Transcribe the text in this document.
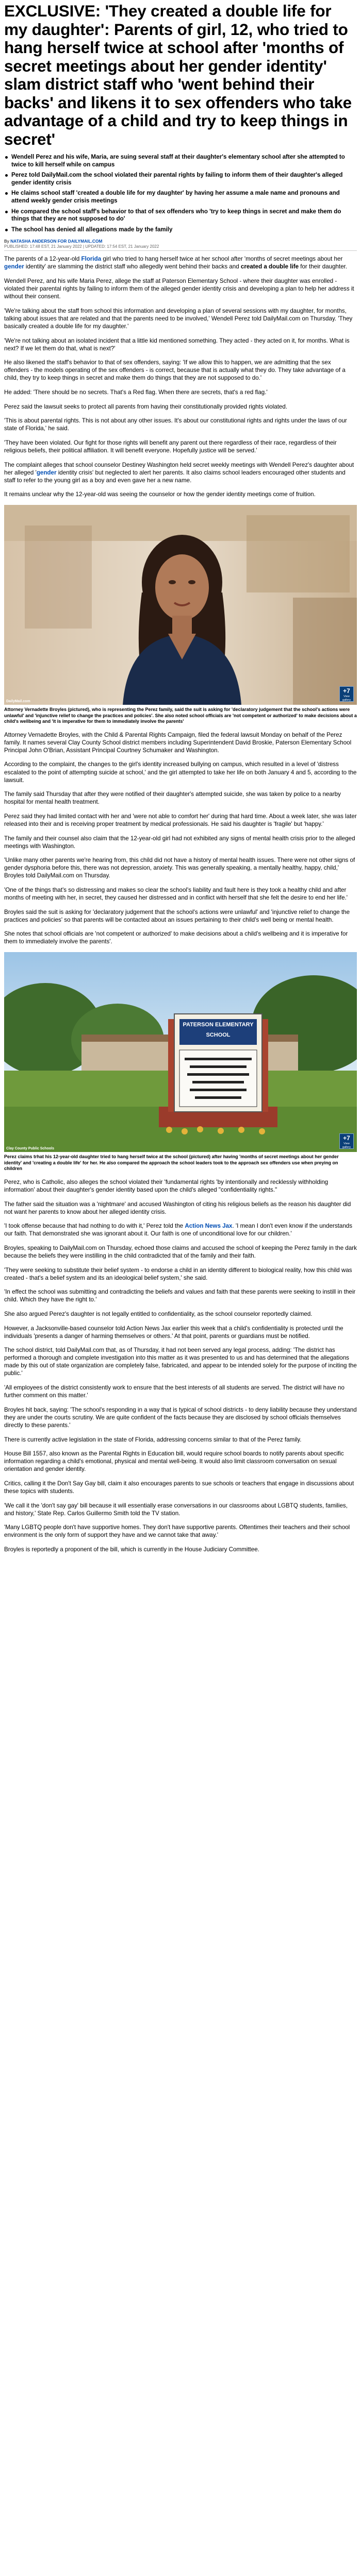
EXCLUSIVE: 'They created a double life for my daughter': Parents of girl, 12, who tried to hang herself twice at school after 'months of secret meetings about her gender identity' slam district staff who 'went behind their backs' and likens it to sex offenders who take advantage of a child and try to keep things in secret'
Wendell Perez and his wife, Maria, are suing several staff at their daughter's elementary school after she attempted to twice to kill herself while on campus
Perez told DailyMail.com the school violated their parental rights by failing to inform them of their daughter's alleged gender identity crisis
He claims school staff 'created a double life for my daughter' by having her assume a male name and pronouns and attend weekly gender crisis meetings
He compared the school staff's behavior to that of sex offenders who 'try to keep things in secret and make them do things that they are not supposed to do'
The school has denied all allegations made by the family
By NATASHA ANDERSON FOR DAILYMAIL.COM
PUBLISHED: 17:48 EST, 21 January 2022 | UPDATED: 17:54 EST, 21 January 2022

The parents of a 12-year-old Florida girl who tried to hang herself twice at her school after 'months of secret meetings about her gender identity' are slamming the district staff who allegedly went behind their backs and created a double life for their daughter.

Wendell Perez, and his wife Maria Perez, allege the staff at Paterson Elementary School - where their daughter was enrolled - violated their parental rights by failing to inform them of the alleged gender identity crisis and developing a plan to help her address it without their consent.

'We're talking about the staff from school this information and developing a plan of several sessions with my daughter, for months, talking about issues that are related and that the parents need to be involved,' Wendell Perez told DailyMail.com on Thursday. 'They basically created a double life for my daughter.'

'We're not talking about an isolated incident that a little kid mentioned something. They acted - they acted on it, for months. What is next? If we let them do that, what is next?'

He also likened the staff's behavior to that of sex offenders, saying: 'If we allow this to happen, we are admitting that the sex offenders - the models operating of the sex offenders - is correct, because that is actually what they do. They take advantage of a child, they try to keep things in secret and make them do things that they are not supposed to do.'

He added: 'There should be no secrets. That's a Red flag. When there are secrets, that's a red flag.'

Perez said the lawsuit seeks to protect all parents from having their constitutionally provided rights violated.

'This is about parental rights. This is not about any other issues. It's about our constitutional rights and rights under the laws of our state of Florida,' he said.

'They have been violated. Our fight for those rights will benefit any parent out there regardless of their race, regardless of their religious beliefs, their political affiliation. It will benefit everyone. Hopefully justice will be served.'

The complaint alleges that school counselor Destiney Washington held secret weekly meetings with Wendell Perez's daughter about her alleged 'gender identity crisis' but neglected to alert her parents. It also claims school leaders encouraged other students and staff to refer to the young girl as a boy and even gave her a new name.

It remains unclear why the 12-year-old was seeing the counselor or how the gender identity meetings come of fruition.

DailyMail.com
+7
View gallery
Attorney Vernadette Broyles (pictured), who is representing the Perez family, said the suit is asking for 'declaratory judgement that the school's actions were unlawful' and 'injunctive relief to change the practices and policies'. She also noted school officials are 'not competent or authorized' to make decisions about a child's wellbeing and 'it is imperative for them to immediately involve the parents'

Attorney Vernadette Broyles, with the Child & Parental Rights Campaign, filed the federal lawsuit Monday on behalf of the Perez family. It names several Clay County School district members including Superintendent David Broskie, Paterson Elementary School Principal John O'Brian, Assistant Principal Courtney Schumaker and Washington.

According to the complaint, the changes to the girl's identity increased bullying on campus, which resulted in a level of 'distress escalated to the point of attempting suicide at school,' and the girl attempted to take her life on both January 4 and 5, according to the lawsuit.

The family said Thursday that after they were notified of their daughter's attempted suicide, she was taken by police to a nearby hospital for mental health treatment.

Perez said they had limited contact with her and 'were not able to comfort her' during that hard time. About a week later, she was later released into their and is receiving proper treatment by medical professionals. He said his daughter is 'fragile' but 'happy.'

The family and their counsel also claim that the 12-year-old girl had not exhibited any signs of mental health crisis prior to the alleged meetings with Washington.

'Unlike many other parents we're hearing from, this child did not have a history of mental health issues. There were not other signs of gender dysphoria before this, there was not depression, anxiety. This was generally speaking, a mentally healthy, happy, child,' Broyles told DailyMail.com on Thursday.

'One of the things that's so distressing and makes so clear the school's liability and fault here is they took a healthy child and after months of meeting with her, in secret, they caused her distressed and in conflict with herself that she felt the desire to end her life.'

Broyles said the suit is asking for 'declaratory judgement that the school's actions were unlawful' and 'injunctive relief to change the practices and policies' so that parents will be contacted about an issues pertaining to their child's well being or mental health.

She notes that school officials are 'not competent or authorized' to make decisions about a child's wellbeing and it is imperative for them to immediately involve the parents'.

PATERSON ELEMENTARY
SCHOOL
Clay County Public Schools
+7
View gallery
Perez claims trhat his 12-year-old daughter tried to hang herself twice at the school (pictured) after having 'months of secret meetings about her gender identity' and 'creating a double life' for her. He also compared the approach the school leaders took to the approach sex offenders use when preying on children

Perez, who is Catholic, also alleges the school violated their 'fundamental rights 'by intentionally and recklessly withholding information' about their daughter's gender identity based upon the child's alleged "confidentiality rights."

The father said the situation was a 'nightmare' and accused Washington of citing his religious beliefs as the reason his daughter did not want her parents to know about her alleged identity crisis.

'I took offense because that had nothing to do with it,' Perez told the Action News Jax. 'I mean I don't even know if the understands our faith. That demonstrated she was ignorant about it. Our faith is one of unconditional love for our children.'

Broyles, speaking to DailyMail.com on Thursday, echoed those claims and accused the school of keeping the Perez family in the dark because the beliefs they were instilling in the child contradicted that of the family and their faith.

'They were seeking to substitute their belief system - to endorse a child in an identity different to biological reality, how this child was created - that's a belief system and its an ideological belief system,' she said.

'In effect the school was submitting and contradicting the beliefs and values and faith that these parents were seeking to instill in their child. Which they have the right to.'

She also argued Perez's daughter is not legally entitled to confidentiality, as the school counselor reportedly claimed.

However, a Jacksonville-based counselor told Action News Jax earlier this week that a child's confidentiality is protected until the individuals 'presents a danger of harming themselves or others.' At that point, parents or guardians must be notified.

The school district, told DailyMail.com that, as of Thursday, it had not been served any legal process, adding: 'The district has performed a thorough and complete investigation into this matter as it was presented to us and has determined that the allegations made by this out of state organization are completely false, fabricated, and appear to be intended solely for the purpose of inciting the public.'

'All employees of the district consistently work to ensure that the best interests of all students are served. The district will have no further comment on this matter.'

Broyles hit back, saying: 'The school's responding in a way that is typical of school districts - to deny liability because they understand they are under the courts scrutiny. We are quite confident of the facts because they are disclosed by school officials themselves directly to these parents.'

There is currently active legislation in the state of Florida, addressing concerns similar to that of the Perez family.

House Bill 1557, also known as the Parental Rights in Education bill, would require school boards to notify parents about specific information regarding a child's emotional, physical and mental well-being. It would also limit classroom conversation on sexual orientation and gender identity.

Critics, calling it the Don't Say Gay bill, claim it also encourages parents to sue schools or teachers that engage in discussions about these topics with students.

'We call it the 'don't say gay' bill because it will essentially erase conversations in our classrooms about LGBTQ students, families, and history,' State Rep. Carlos Guillermo Smith told the TV station.

'Many LGBTQ people don't have supportive homes. They don't have supportive parents. Oftentimes their teachers and their school environment is the only form of support they have and we cannot take that away.'

Broyles is reportedly a proponent of the bill, which is currently in the House Judiciary Committee.
